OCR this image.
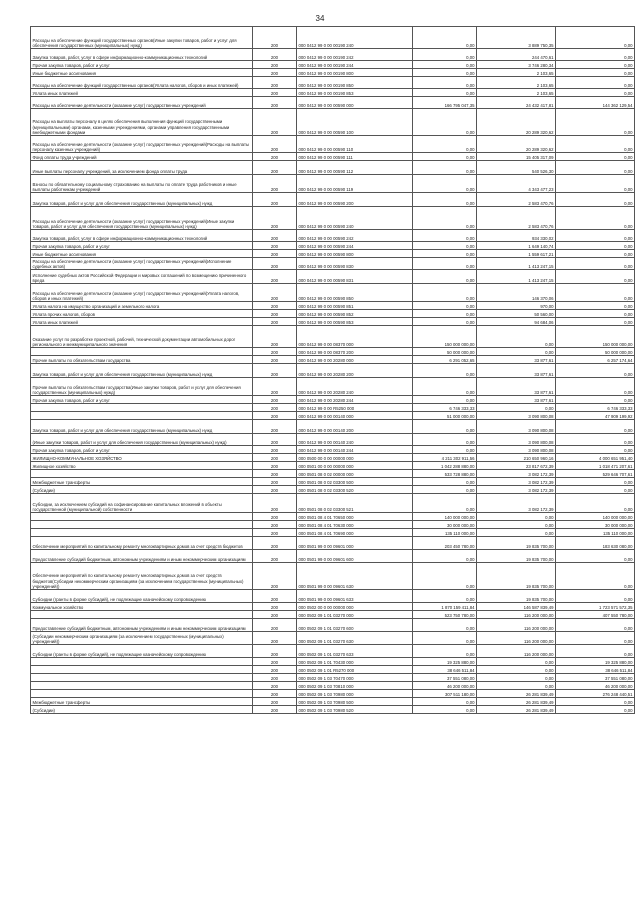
34
Расходы на обеспечение функций государственных органов(Иные закупки товаров, работ и услуг для обеспечения государственных (муниципальных) нужд)	200	000 0412 99 0 00 00190 240	0,00	3 889 750,35	0,00
Закупка товаров, работ, услуг в сфере информационно-коммуникационных технологий	200	000 0412 99 0 00 00190 242	0,00	244 470,61	0,00
Прочая закупка товаров, работ и услуг	200	000 0412 99 0 00 00190 244	0,00	3 746 280,34	0,00
Иные бюджетные ассигнования	200	000 0412 99 0 00 00190 800	0,00	2 103,65	0,00
Расходы на обеспечение функций государственных органов(Уплата налогов, сборов и иных платежей)	200	000 0412 99 0 00 00190 850	0,00	2 103,65	0,00
Уплата иных платежей	200	000 0412 99 0 00 00190 853	0,00	2 103,65	0,00
Расходы на обеспечение деятельности (оказание услуг) государственных учреждений	200	000 0412 99 0 00 00590 000	166 795 047,35	24 432 417,81	144 362 129,54
Расходы на выплаты персоналу в целях обеспечения выполнения функций государственными (муниципальными) органами, казенными учреждениями, органами управления государственными внебюджетными фондами	200	000 0412 99 0 00 00590 100	0,00	20 289 320,62	0,00
Расходы на обеспечение деятельности (оказание услуг) государственных учреждений(Расходы на выплаты персоналу казенных учреждений)	200	000 0412 99 0 00 00590 110	0,00	20 289 320,62	0,00
Фонд оплаты труда учреждений	200	000 0412 99 0 00 00590 111	0,00	15 405 317,09	0,00
Иные выплаты персоналу учреждений, за исключением фонда оплаты труда	200	000 0412 99 0 00 00590 112	0,00	540 526,30	0,00
Взносы по обязательному социальному страхованию на выплаты по оплате труда работников и иные выплаты работникам учреждений	200	000 0412 99 0 00 00590 119	0,00	4 343 477,23	0,00
Закупка товаров, работ и услуг для обеспечения государственных (муниципальных) нужд	200	000 0412 99 0 00 00590 200	0,00	2 583 470,76	0,00
Расходы на обеспечение деятельности (оказание услуг) государственных учреждений(Иные закупки товаров, работ и услуг для обеспечения государственных (муниципальных) нужд)	200	000 0412 99 0 00 00590 240	0,00	2 583 470,76	0,00
Закупка товаров, работ, услуг в сфере информационно-коммуникационных технологий	200	000 0412 99 0 00 00590 242	0,00	934 330,02	0,00
Прочая закупка товаров, работ и услуг	200	000 0412 99 0 00 00590 244	0,00	1 649 140,74	0,00
Иные бюджетные ассигнования	200	000 0412 99 0 00 00590 800	0,00	1 559 617,21	0,00
Расходы на обеспечение деятельности (оказание услуг) государственных учреждений(Исполнение судебных актов)	200	000 0412 99 0 00 00590 830	0,00	1 413 247,15	0,00
Исполнение судебных актов Российской Федерации и мировых соглашений по возмещению причиненного вреда	200	000 0412 99 0 00 00590 831	0,00	1 413 247,15	0,00
Расходы на обеспечение деятельности (оказание услуг) государственных учреждений(Уплата налогов, сборов и иных платежей)	200	000 0412 99 0 00 00590 850	0,00	146 370,06	0,00
Уплата налога на имущество организаций и земельного налога	200	000 0412 99 0 00 00590 851	0,00	970,00	0,00
Уплата прочих налогов, сборов	200	000 0412 99 0 00 00590 852	0,00	50 560,00	0,00
Уплата иных платежей	200	000 0412 99 0 00 00590 853	0,00	94 684,06	0,00
Оказание услуг по разработке проектной, рабочей, технической документации автомобильных дорог регионального и межмуниципального значения	200	000 0412 99 0 00 08370 000	150 000 000,00	0,00	150 000 000,00
	200	000 0412 99 0 00 08370 200	50 000 000,00	0,00	50 000 000,00
Прочие выплаты по обязательствам государства	200	000 0412 99 0 00 20280 000	6 291 052,65	33 877,61	6 257 174,64
Закупка товаров, работ и услуг для обеспечения государственных (муниципальных) нужд	200	000 0412 99 0 00 20280 200	0,00	33 877,61	0,00
Прочие выплаты по обязательствам государства(Иные закупки товаров, работ и услуг для обеспечения государственных (муниципальных) нужд)	200	000 0412 99 0 00 20280 240	0,00	33 877,61	0,00
Прочая закупка товаров, работ и услуг	200	000 0412 99 0 00 20280 244	0,00	33 877,61	0,00
	200	000 0412 99 0 00 R5250 000	6 746 333,33	0,00	6 746 333,33
	200	000 0412 99 0 00 00140 000	51 000 000,00	3 090 800,08	47 909 199,92
Закупка товаров, работ и услуг для обеспечения государственных (муниципальных) нужд	200	000 0412 99 0 00 00140 200	0,00	3 090 800,08	0,00
(Иные закупки товаров, работ и услуг для обеспечения государственных (муниципальных) нужд)	200	000 0412 99 0 00 00140 240	0,00	3 090 800,08	0,00
Прочая закупка товаров, работ и услуг	200	000 0412 99 0 00 00140 244	0,00	3 090 800,08	0,00
ЖИЛИЩНО-КОММУНАЛЬНОЕ ХОЗЯЙСТВО	200	000 0500 00 0 00 00000 000	4 211 302 911,56	210 650 960,16	4 000 651 951,40
Жилищное хозяйство	200	000 0501 00 0 00 00000 000	1 042 288 880,00	23 817 672,39	1 018 471 207,61
	200	000 0501 08 0 02 00000 000	533 728 880,00	3 082 172,39	529 646 707,61
Межбюджетные трансферты	200	000 0501 08 0 02 03300 500	0,00	3 082 172,39	0,00
(Субсидии)	200	000 0501 08 0 02 03300 520	0,00	3 082 172,39	0,00
Субсидии, за исключением субсидий на софинансирование капитальных вложений в объекты государственной (муниципальной) собственности	200	000 0501 08 0 02 03300 521	0,00	3 082 172,39	0,00
	200	000 0501 08 4 01 70650 000	140 000 000,00	0,00	140 000 000,00
	200	000 0501 08 4 01 70630 000	30 000 000,00	0,00	30 000 000,00
	200	000 0501 08 4 01 70690 000	135 110 000,00	0,00	135 110 000,00
Обеспечение мероприятий по капитальному ремонту многоквартирных домов за счет средств бюджетов	200	000 0501 99 0 00 09601 000	203 450 780,00	19 835 700,00	183 630 080,00
Предоставление субсидий бюджетным, автономным учреждениям и иным некоммерческим организациям	200	000 0501 99 0 00 09601 600	0,00	19 835 700,00	0,00
Обеспечение мероприятий по капитальному ремонту многоквартирных домов за счет средств бюджетов(Субсидии некоммерческим организациям (за исключением государственных (муниципальных) учреждений))	200	000 0501 99 0 00 09601 630	0,00	19 835 700,00	0,00
Субсидии (гранты в форме субсидий), не подлежащие казначейскому сопровождению	200	000 0501 99 0 00 09601 633	0,00	19 835 700,00	0,00
Коммунальное хозяйство	200	000 0502 00 0 00 00000 000	1 870 159 411,84	146 587 839,49	1 723 571 572,35
	200	000 0502 09 1 01 03270 000	523 750 780,00	116 200 000,00	407 550 780,00
Предоставление субсидий бюджетным, автономным учреждениям и иным некоммерческим организациям	200	000 0502 09 1 01 03270 600	0,00	116 200 000,00	0,00
(Субсидии некоммерческим организациям (за исключением государственных (муниципальных) учреждений))	200	000 0502 09 1 01 03270 630	0,00	116 200 000,00	0,00
Субсидии (гранты в форме субсидий), не подлежащие казначейскому сопровождению	200	000 0502 09 1 01 03270 633	0,00	116 200 000,00	0,00
	200	000 0502 09 1 01 70430 000	19 325 880,00	0,00	19 325 880,00
	200	000 0502 09 1 01 R5270 000	38 646 511,84	0,00	38 646 511,84
	200	000 0502 09 1 03 70470 000	37 551 080,00	0,00	37 551 080,00
	200	000 0502 09 1 03 70810 000	46 200 000,00	0,00	46 200 000,00
	200	000 0502 09 1 03 70980 000	307 511 180,00	26 281 839,49	276 248 440,51
Межбюджетные трансферты	200	000 0502 09 1 03 70980 500	0,00	26 281 839,49	0,00
(Субсидии)	200	000 0502 09 1 03 70980 520	0,00	26 281 839,49	0,00
